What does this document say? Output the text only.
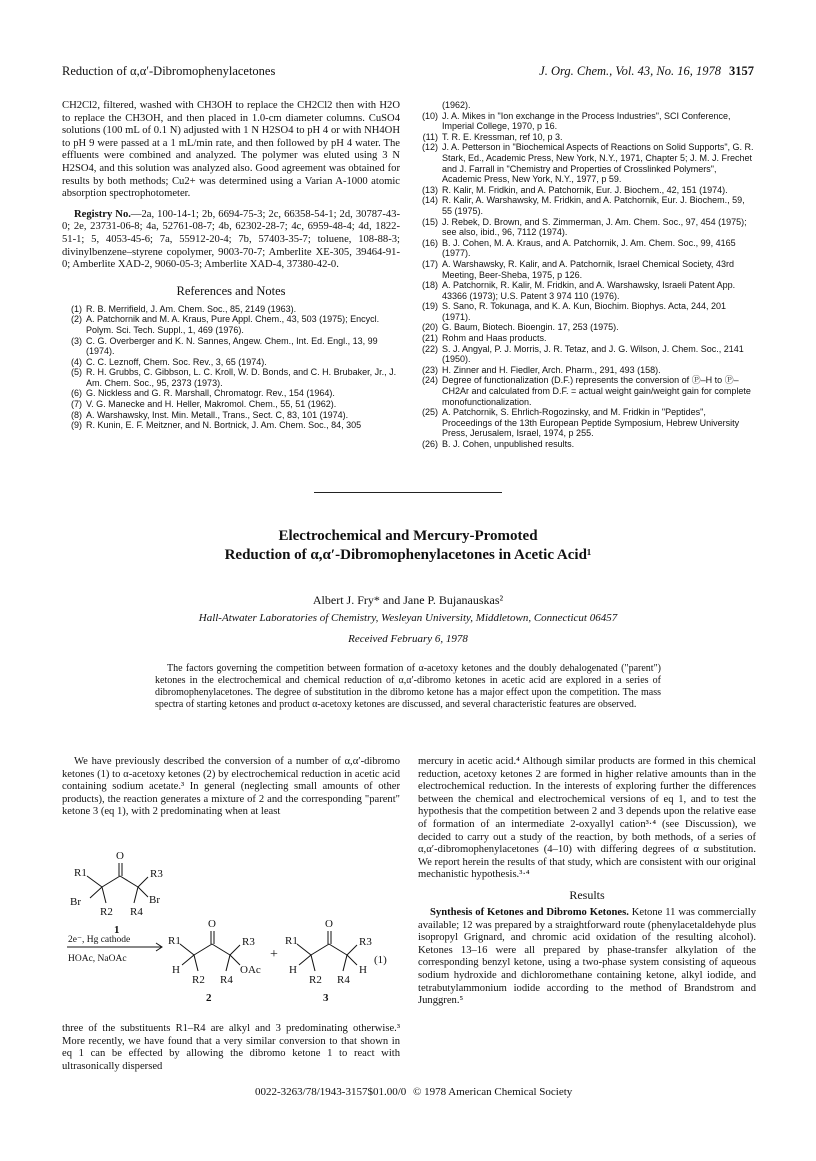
Reduction of α,α′-Dibromophenylacetones	J. Org. Chem., Vol. 43, No. 16, 1978 3157

CH2Cl2, filtered, washed with CH3OH to replace the CH2Cl2 then with H2O to replace the CH3OH, and then placed in 1.0-cm diameter columns. CuSO4 solutions (100 mL of 0.1 N) adjusted with 1 N H2SO4 to pH 4 or with NH4OH to pH 9 were passed at a 1 mL/min rate, and then followed by pH 4 water. The effluents were combined and analyzed. The polymer was eluted using 3 N H2SO4, and this solution was analyzed also. Good agreement was obtained for results by both methods; Cu2+ was determined using a Varian A-1000 atomic absorption spectrophotometer.

Registry No.—2a, 100-14-1; 2b, 6694-75-3; 2c, 66358-54-1; 2d, 30787-43-0; 2e, 23731-06-8; 4a, 52761-08-7; 4b, 62302-28-7; 4c, 6959-48-4; 4d, 1822-51-1; 5, 4053-45-6; 7a, 55912-20-4; 7b, 57403-35-7; toluene, 108-88-3; divinylbenzene–styrene copolymer, 9003-70-7; Amberlite XE-305, 39464-91-0; Amberlite XAD-2, 9060-05-3; Amberlite XAD-4, 37380-42-0.

References and Notes
(1) R. B. Merrifield, J. Am. Chem. Soc., 85, 2149 (1963).
(2) A. Patchornik and M. A. Kraus, Pure Appl. Chem., 43, 503 (1975); Encycl. Polym. Sci. Tech. Suppl., 1, 469 (1976).
(3) C. G. Overberger and K. N. Sannes, Angew. Chem., Int. Ed. Engl., 13, 99 (1974).
(4) C. C. Leznoff, Chem. Soc. Rev., 3, 65 (1974).
(5) R. H. Grubbs, C. Gibbson, L. C. Kroll, W. D. Bonds, and C. H. Brubaker, Jr., J. Am. Chem. Soc., 95, 2373 (1973).
(6) G. Nickless and G. R. Marshall, Chromatogr. Rev., 154 (1964).
(7) V. G. Manecke and H. Heller, Makromol. Chem., 55, 51 (1962).
(8) A. Warshawsky, Inst. Min. Metall., Trans., Sect. C, 83, 101 (1974).
(9) R. Kunin, E. F. Meitzner, and N. Bortnick, J. Am. Chem. Soc., 84, 305
(1962).
(10) J. A. Mikes in "Ion exchange in the Process Industries", SCI Conference, Imperial College, 1970, p 16.
(11) T. R. E. Kressman, ref 10, p 3.
(12) J. A. Petterson in "Biochemical Aspects of Reactions on Solid Supports", G. R. Stark, Ed., Academic Press, New York, N.Y., 1971, Chapter 5; J. M. J. Frechet and J. Farrall in "Chemistry and Properties of Crosslinked Polymers", Academic Press, New York, N.Y., 1977, p 59.
(13) R. Kalir, M. Fridkin, and A. Patchornik, Eur. J. Biochem., 42, 151 (1974).
(14) R. Kalir, A. Warshawsky, M. Fridkin, and A. Patchornik, Eur. J. Biochem., 59, 55 (1975).
(15) J. Rebek, D. Brown, and S. Zimmerman, J. Am. Chem. Soc., 97, 454 (1975); see also, ibid., 96, 7112 (1974).
(16) B. J. Cohen, M. A. Kraus, and A. Patchornik, J. Am. Chem. Soc., 99, 4165 (1977).
(17) A. Warshawsky, R. Kalir, and A. Patchornik, Israel Chemical Society, 43rd Meeting, Beer-Sheba, 1975, p 126.
(18) A. Patchornik, R. Kalir, M. Fridkin, and A. Warshawsky, Israeli Patent App. 43366 (1973); U.S. Patent 3 974 110 (1976).
(19) S. Sano, R. Tokunaga, and K. A. Kun, Biochim. Biophys. Acta, 244, 201 (1971).
(20) G. Baum, Biotech. Bioengin. 17, 253 (1975).
(21) Rohm and Haas products.
(22) S. J. Angyal, P. J. Morris, J. R. Tetaz, and J. G. Wilson, J. Chem. Soc., 2141 (1950).
(23) H. Zinner and H. Fiedler, Arch. Pharm., 291, 493 (158).
(24) Degree of functionalization (D.F.) represents the conversion of Ⓟ–H to Ⓟ–CH2Ar and calculated from D.F. = actual weight gain/weight gain for complete monofunctionalization.
(25) A. Patchornik, S. Ehrlich-Rogozinsky, and M. Fridkin in "Peptides", Proceedings of the 13th European Peptide Symposium, Hebrew University Press, Jerusalem, Israel, 1974, p 255.
(26) B. J. Cohen, unpublished results.
Electrochemical and Mercury-Promoted
Reduction of α,α′-Dibromophenylacetones in Acetic Acid¹
Albert J. Fry* and Jane P. Bujanauskas²
Hall-Atwater Laboratories of Chemistry, Wesleyan University, Middletown, Connecticut 06457
Received February 6, 1978

The factors governing the competition between formation of α-acetoxy ketones and the doubly dehalogenated ("parent") ketones in the electrochemical and chemical reduction of α,α′-dibromo ketones in acetic acid are explored in a series of dibromophenylacetones. The degree of substitution in the dibromo ketone has a major effect upon the competition. The mass spectra of starting ketones and product α-acetoxy ketones are discussed, and several characteristic features are observed.

We have previously described the conversion of a number of α,α′-dibromo ketones (1) to α-acetoxy ketones (2) by electrochemical reduction in acetic acid containing sodium acetate.³ In general (neglecting small amounts of other products), the reaction generates a mixture of 2 and the corresponding "parent" ketone 3 (eq 1), with 2 predominating when at least

O
R1	R3
Br	Br
R2 R4
1
2e⁻, Hg cathode
HOAc, NaOAc
O
R1	R3
H	OAc
R2 R4
2
+
O
R1	R3
H	H
R2 R4
3
(1)

three of the substituents R1–R4 are alkyl and 3 predominating otherwise.³ More recently, we have found that a very similar conversion to that shown in eq 1 can be effected by allowing the dibromo ketone 1 to react with ultrasonically dispersed

mercury in acetic acid.⁴ Although similar products are formed in this chemical reduction, acetoxy ketones 2 are formed in higher relative amounts than in the electrochemical reduction. In the interests of exploring further the differences between the chemical and electrochemical versions of eq 1, and to test the hypothesis that the competition between 2 and 3 depends upon the relative ease of formation of an intermediate 2-oxyallyl cation³·⁴ (see Discussion), we decided to carry out a study of the reaction, by both methods, of a series of α,α′-dibromophenylacetones (4–10) with differing degrees of α substitution. We report herein the results of that study, which are consistent with our original mechanistic hypothesis.³·⁴

Results

Synthesis of Ketones and Dibromo Ketones. Ketone 11 was commercially available; 12 was prepared by a straightforward route (phenylacetaldehyde plus isopropyl Grignard, and chromic acid oxidation of the resulting alcohol). Ketones 13–16 were all prepared by phase-transfer alkylation of the corresponding benzyl ketone, using a two-phase system consisting of aqueous sodium hydroxide and dichloromethane containing ketone, alkyl iodide, and tetrabutylammonium iodide according to the method of Brandstrom and Junggren.⁵

0022-3263/78/1943-3157$01.00/0 © 1978 American Chemical Society
